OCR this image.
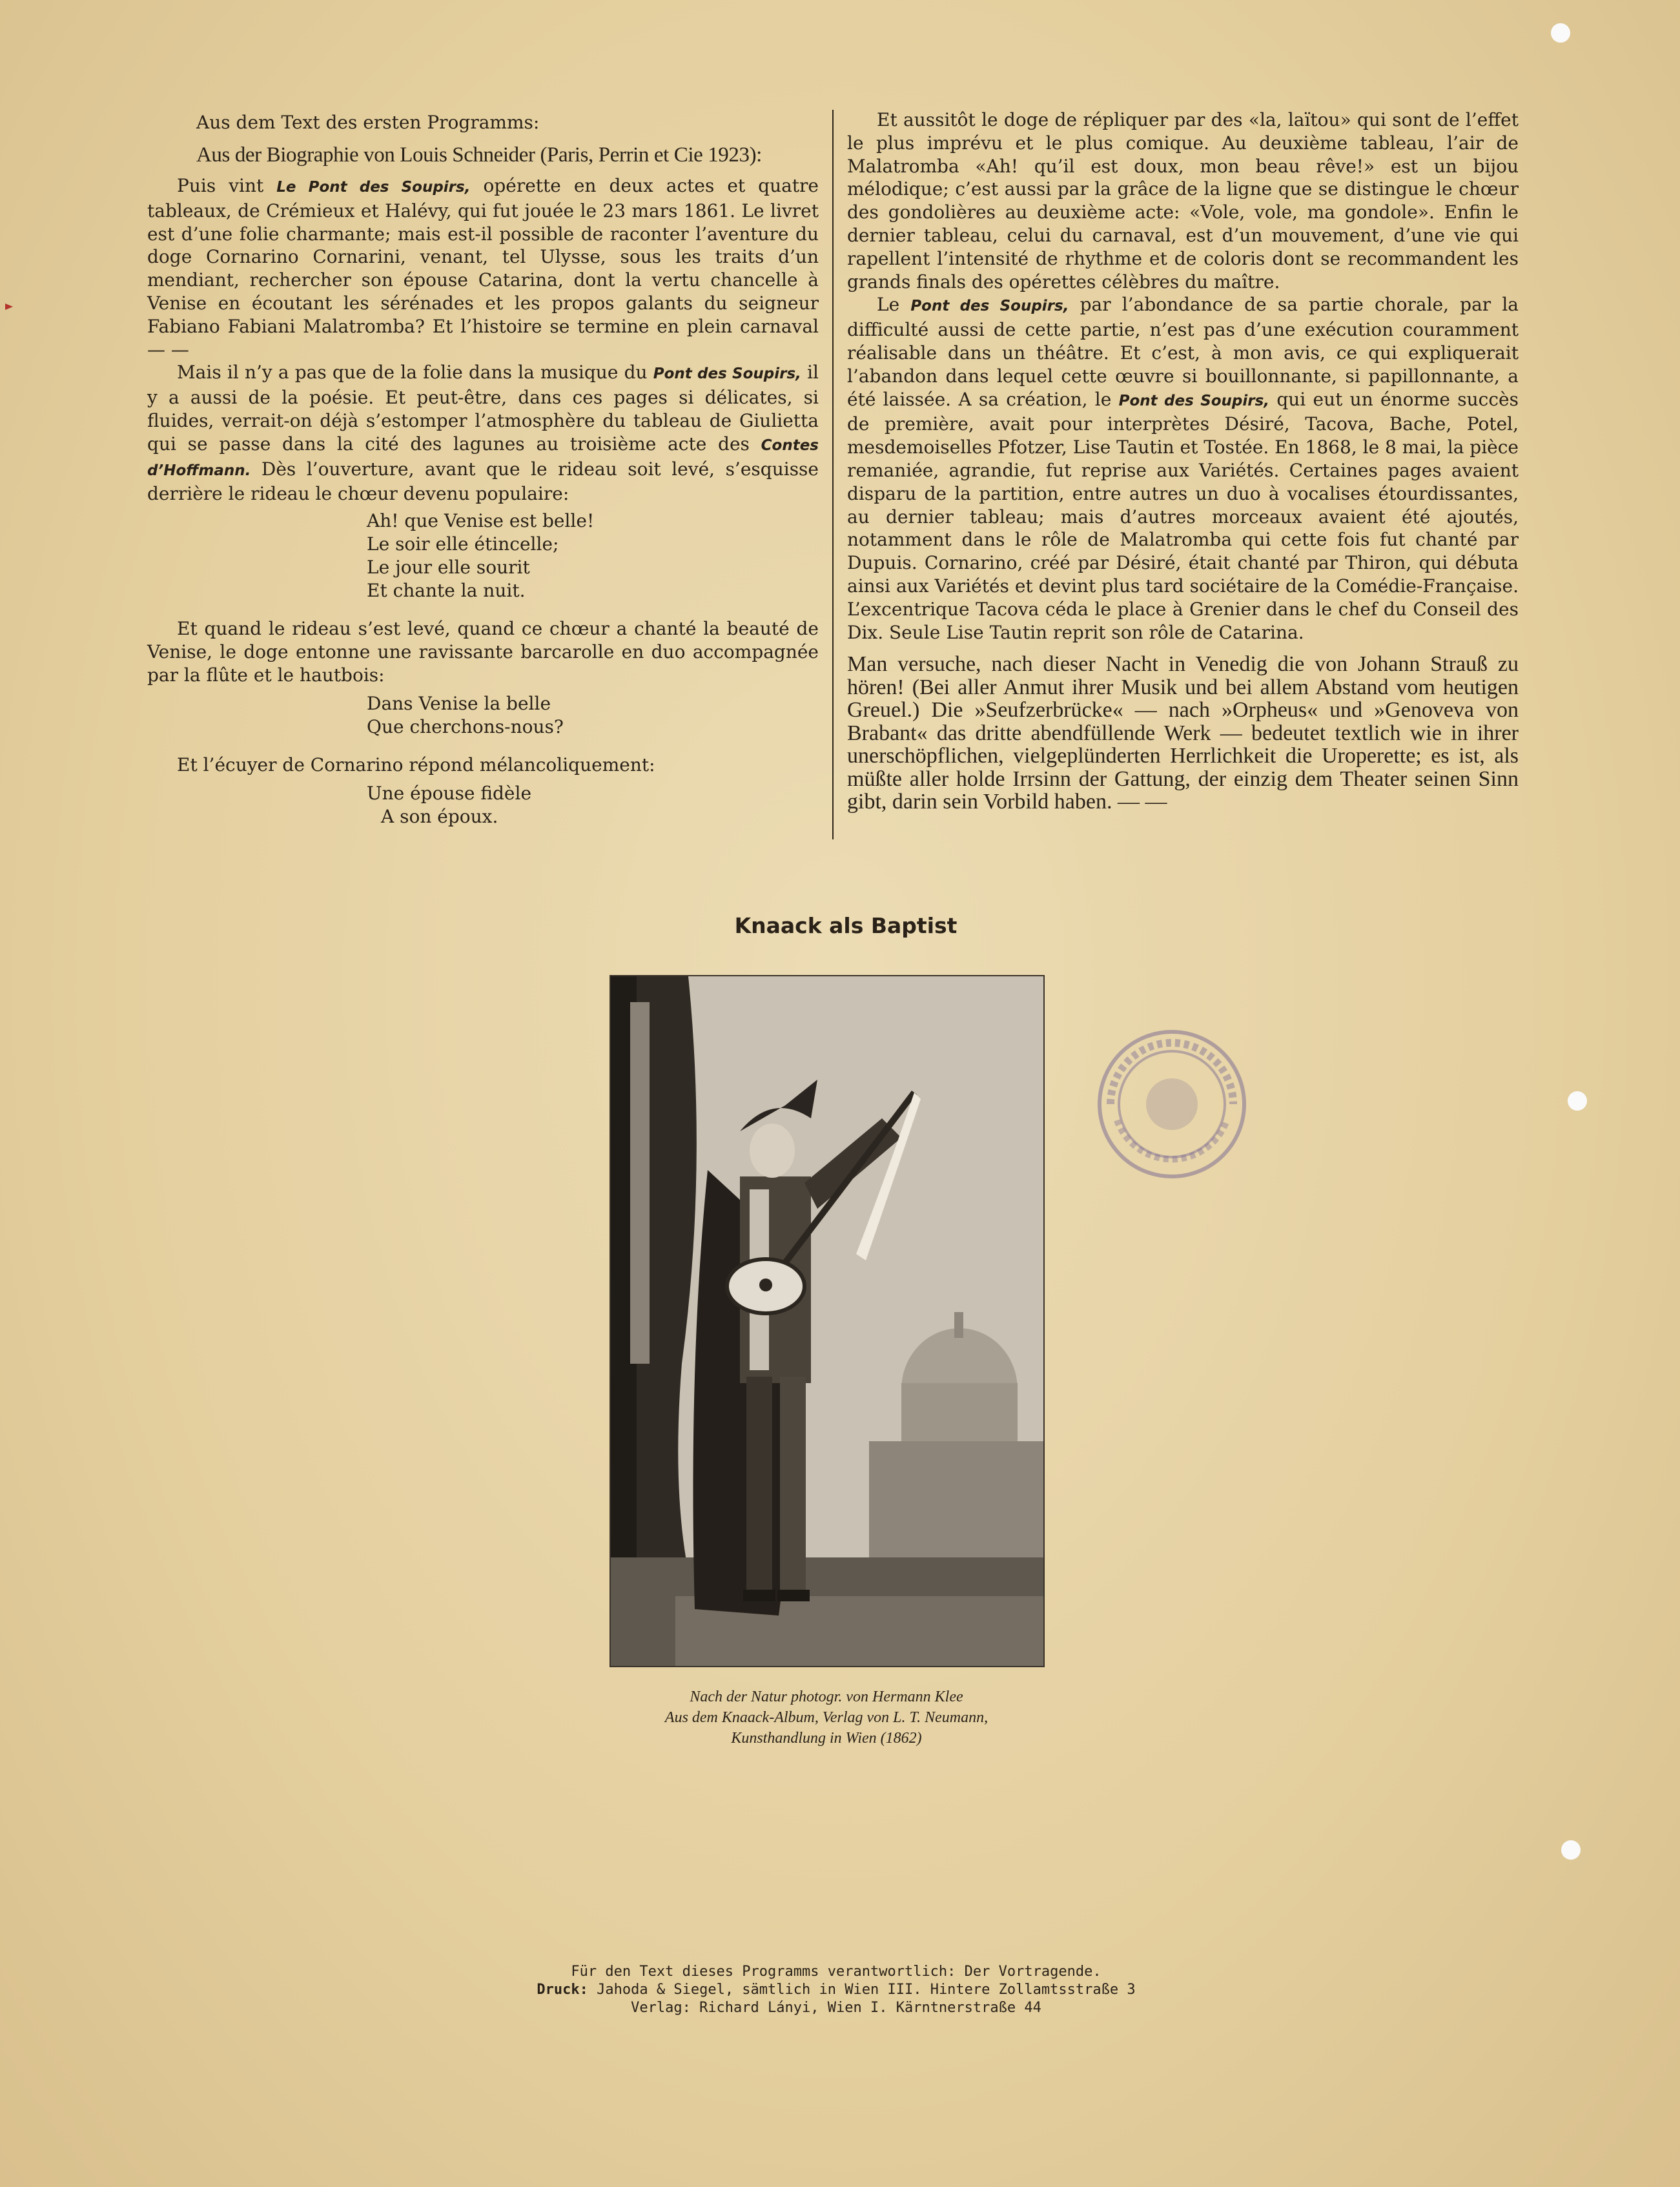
Aus dem Text des ersten Programms:
Aus der Biographie von Louis Schneider (Paris, Perrin et Cie 1923):

Puis vint Le Pont des Soupirs, opérette en deux actes et quatre tableaux, de Crémieux et Halévy, qui fut jouée le 23 mars 1861. Le livret est d’une folie charmante; mais est-il possible de raconter l’aventure du doge Cornarino Cornarini, venant, tel Ulysse, sous les traits d’un mendiant, rechercher son épouse Catarina, dont la vertu chancelle à Venise en écoutant les sérénades et les propos galants du seigneur Fabiano Fabiani Malatromba? Et l’histoire se termine en plein carnaval — —

Mais il n’y a pas que de la folie dans la musique du Pont des Soupirs, il y a aussi de la poésie. Et peut-être, dans ces pages si délicates, si fluides, verrait-on déjà s’estomper l’atmosphère du tableau de Giulietta qui se passe dans la cité des lagunes au troisième acte des Contes d’Hoffmann. Dès l’ouverture, avant que le rideau soit levé, s’esquisse derrière le rideau le chœur devenu populaire:

Ah! que Venise est belle!
Le soir elle étincelle;
Le jour elle sourit
Et chante la nuit.

Et quand le rideau s’est levé, quand ce chœur a chanté la beauté de Venise, le doge entonne une ravissante barcarolle en duo accompagnée par la flûte et le hautbois:

Dans Venise la belle
Que cherchons-nous?

Et l’écuyer de Cornarino répond mélancoliquement:

Une épouse fidèle
A son époux.

Et aussitôt le doge de répliquer par des «la, laïtou» qui sont de l’effet le plus imprévu et le plus comique. Au deuxième tableau, l’air de Malatromba «Ah! qu’il est doux, mon beau rêve!» est un bijou mélodique; c’est aussi par la grâce de la ligne que se distingue le chœur des gondolières au deuxième acte: «Vole, vole, ma gondole». Enfin le dernier tableau, celui du carnaval, est d’un mouvement, d’une vie qui rapellent l’intensité de rhythme et de coloris dont se recommandent les grands finals des opérettes célèbres du maître.

Le Pont des Soupirs, par l’abondance de sa partie chorale, par la difficulté aussi de cette partie, n’est pas d’une exécution couramment réalisable dans un théâtre. Et c’est, à mon avis, ce qui expliquerait l’abandon dans lequel cette œuvre si bouillonnante, si papillonnante, a été laissée. A sa création, le Pont des Soupirs, qui eut un énorme succès de première, avait pour interprètes Désiré, Tacova, Bache, Potel, mesdemoiselles Pfotzer, Lise Tautin et Tostée. En 1868, le 8 mai, la pièce remaniée, agrandie, fut reprise aux Variétés. Certaines pages avaient disparu de la partition, entre autres un duo à vocalises étourdissantes, au dernier tableau; mais d’autres morceaux avaient été ajoutés, notamment dans le rôle de Malatromba qui cette fois fut chanté par Dupuis. Cornarino, créé par Désiré, était chanté par Thiron, qui débuta ainsi aux Variétés et devint plus tard sociétaire de la Comédie-Française. L’excentrique Tacova céda le place à Grenier dans le chef du Conseil des Dix. Seule Lise Tautin reprit son rôle de Catarina.

Man versuche, nach dieser Nacht in Venedig die von Johann Strauß zu hören! (Bei aller Anmut ihrer Musik und bei allem Abstand vom heutigen Greuel.) Die »Seufzerbrücke« — nach »Orpheus« und »Genoveva von Brabant« das dritte abendfüllende Werk — bedeutet textlich wie in ihrer unerschöpflichen, vielgeplünderten Herrlichkeit die Uroperette; es ist, als müßte aller holde Irrsinn der Gattung, der einzig dem Theater seinen Sinn gibt, darin sein Vorbild haben. — —

Knaack als Baptist
Nach der Natur photogr. von Hermann Klee
Aus dem Knaack-Album, Verlag von L. T. Neumann,
Kunsthandlung in Wien (1862)
Für den Text dieses Programms verantwortlich: Der Vortragende.
Druck: Jahoda & Siegel, sämtlich in Wien III. Hintere Zollamtsstraße 3
Verlag: Richard Lányi, Wien I. Kärntnerstraße 44
